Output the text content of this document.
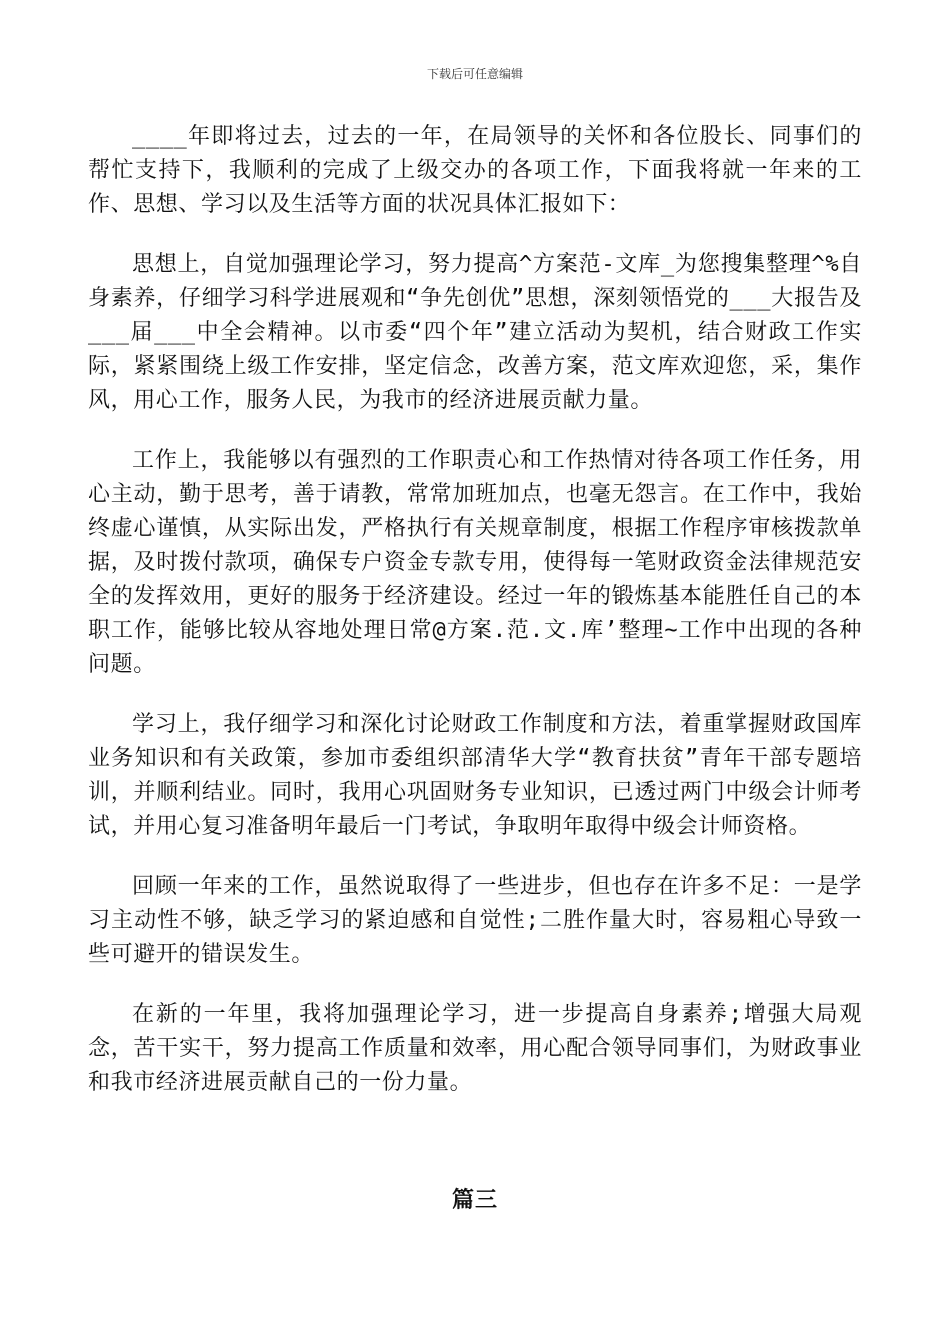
下载后可任意编辑

____年即将过去，过去的一年，在局领导的关怀和各位股长、同事们的帮忙支持下，我顺利的完成了上级交办的各项工作，下面我将就一年来的工作、思想、学习以及生活等方面的状况具体汇报如下：

思想上，自觉加强理论学习，努力提高^方案范-文库_为您搜集整理^%自身素养，仔细学习科学进展观和“争先创优”思想，深刻领悟党的___大报告及___届___中全会精神。以市委“四个年”建立活动为契机，结合财政工作实际，紧紧围绕上级工作安排，坚定信念，改善方案，范文库欢迎您，采，集作风，用心工作，服务人民，为我市的经济进展贡献力量。

工作上，我能够以有强烈的工作职责心和工作热情对待各项工作任务，用心主动，勤于思考，善于请教，常常加班加点，也毫无怨言。在工作中，我始终虚心谨慎，从实际出发，严格执行有关规章制度，根据工作程序审核拨款单据，及时拨付款项，确保专户资金专款专用，使得每一笔财政资金法律规范安全的发挥效用，更好的服务于经济建设。经过一年的锻炼基本能胜任自己的本职工作，能够比较从容地处理日常@方案.范.文.库’整理~工作中出现的各种问题。

学习上，我仔细学习和深化讨论财政工作制度和方法，着重掌握财政国库业务知识和有关政策，参加市委组织部清华大学“教育扶贫”青年干部专题培训，并顺利结业。同时，我用心巩固财务专业知识，已透过两门中级会计师考试，并用心复习准备明年最后一门考试，争取明年取得中级会计师资格。

回顾一年来的工作，虽然说取得了一些进步，但也存在许多不足：一是学习主动性不够，缺乏学习的紧迫感和自觉性;二胜作量大时，容易粗心导致一些可避开的错误发生。

在新的一年里，我将加强理论学习，进一步提高自身素养;增强大局观念，苦干实干，努力提高工作质量和效率，用心配合领导同事们，为财政事业和我市经济进展贡献自己的一份力量。

篇三
